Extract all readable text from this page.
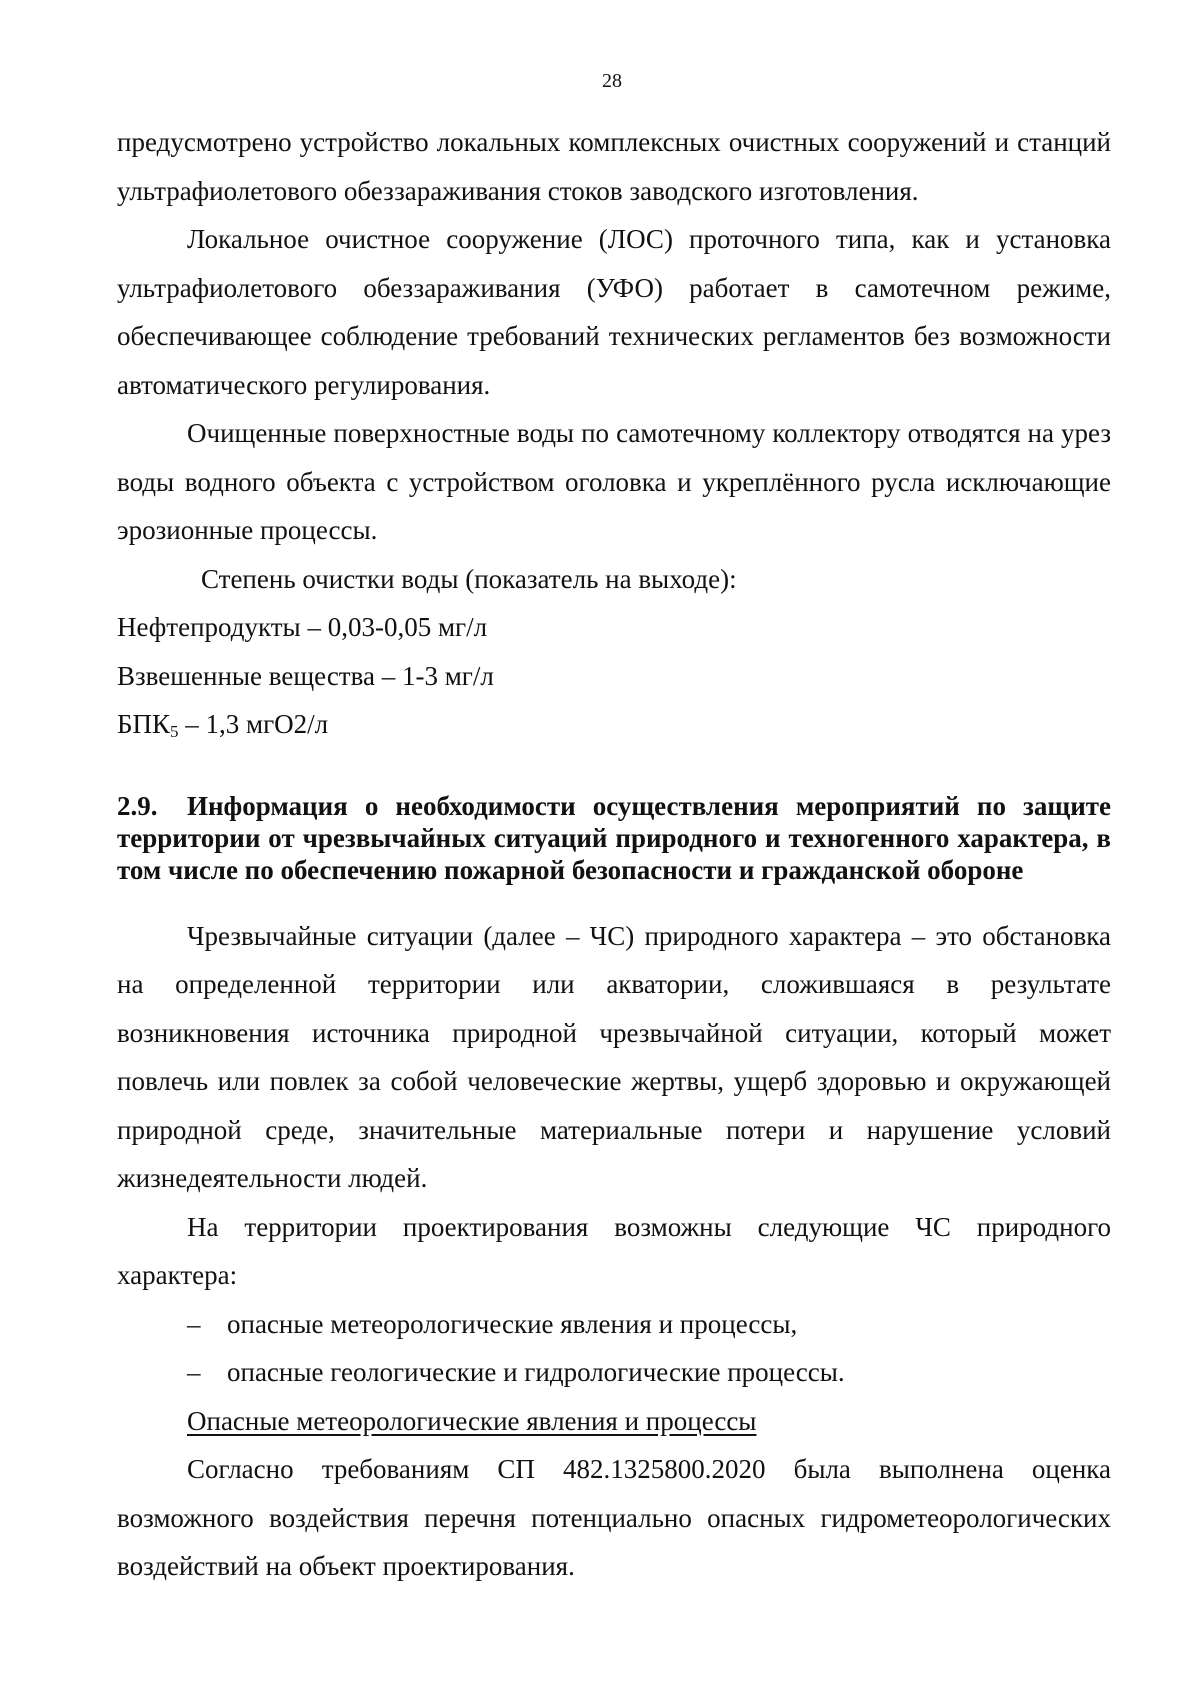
28

предусмотрено устройство локальных комплексных очистных сооружений и станций ультрафиолетового обеззараживания стоков заводского изготовления.

Локальное очистное сооружение (ЛОС) проточного типа, как и установка ультрафиолетового обеззараживания (УФО) работает в самотечном режиме, обеспечивающее соблюдение требований технических регламентов без возможности автоматического регулирования.

Очищенные поверхностные воды по самотечному коллектору отводятся на урез воды водного объекта с устройством оголовка и укреплённого русла исключающие эрозионные процессы.

Степень очистки воды (показатель на выходе):

Нефтепродукты – 0,03-0,05 мг/л

Взвешенные вещества – 1-3 мг/л

$БПК_5 - 1,3$ мгО2/л

2.9. Информация о необходимости осуществления мероприятий по защите территории от чрезвычайных ситуаций природного и техногенного характера, в том числе по обеспечению пожарной безопасности и гражданской обороне

Чрезвычайные ситуации (далее – ЧС) природного характера – это обстановка на определенной территории или акватории, сложившаяся в результате возникновения источника природной чрезвычайной ситуации, который может повлечь или повлек за собой человеческие жертвы, ущерб здоровью и окружающей природной среде, значительные материальные потери и нарушение условий жизнедеятельности людей.

На территории проектирования возможны следующие ЧС природного характера:

– опасные метеорологические явления и процессы,
– опасные геологические и гидрологические процессы.

Опасные метеорологические явления и процессы

Согласно требованиям СП 482.1325800.2020 была выполнена оценка возможного воздействия перечня потенциально опасных гидрометеорологических воздействий на объект проектирования.
